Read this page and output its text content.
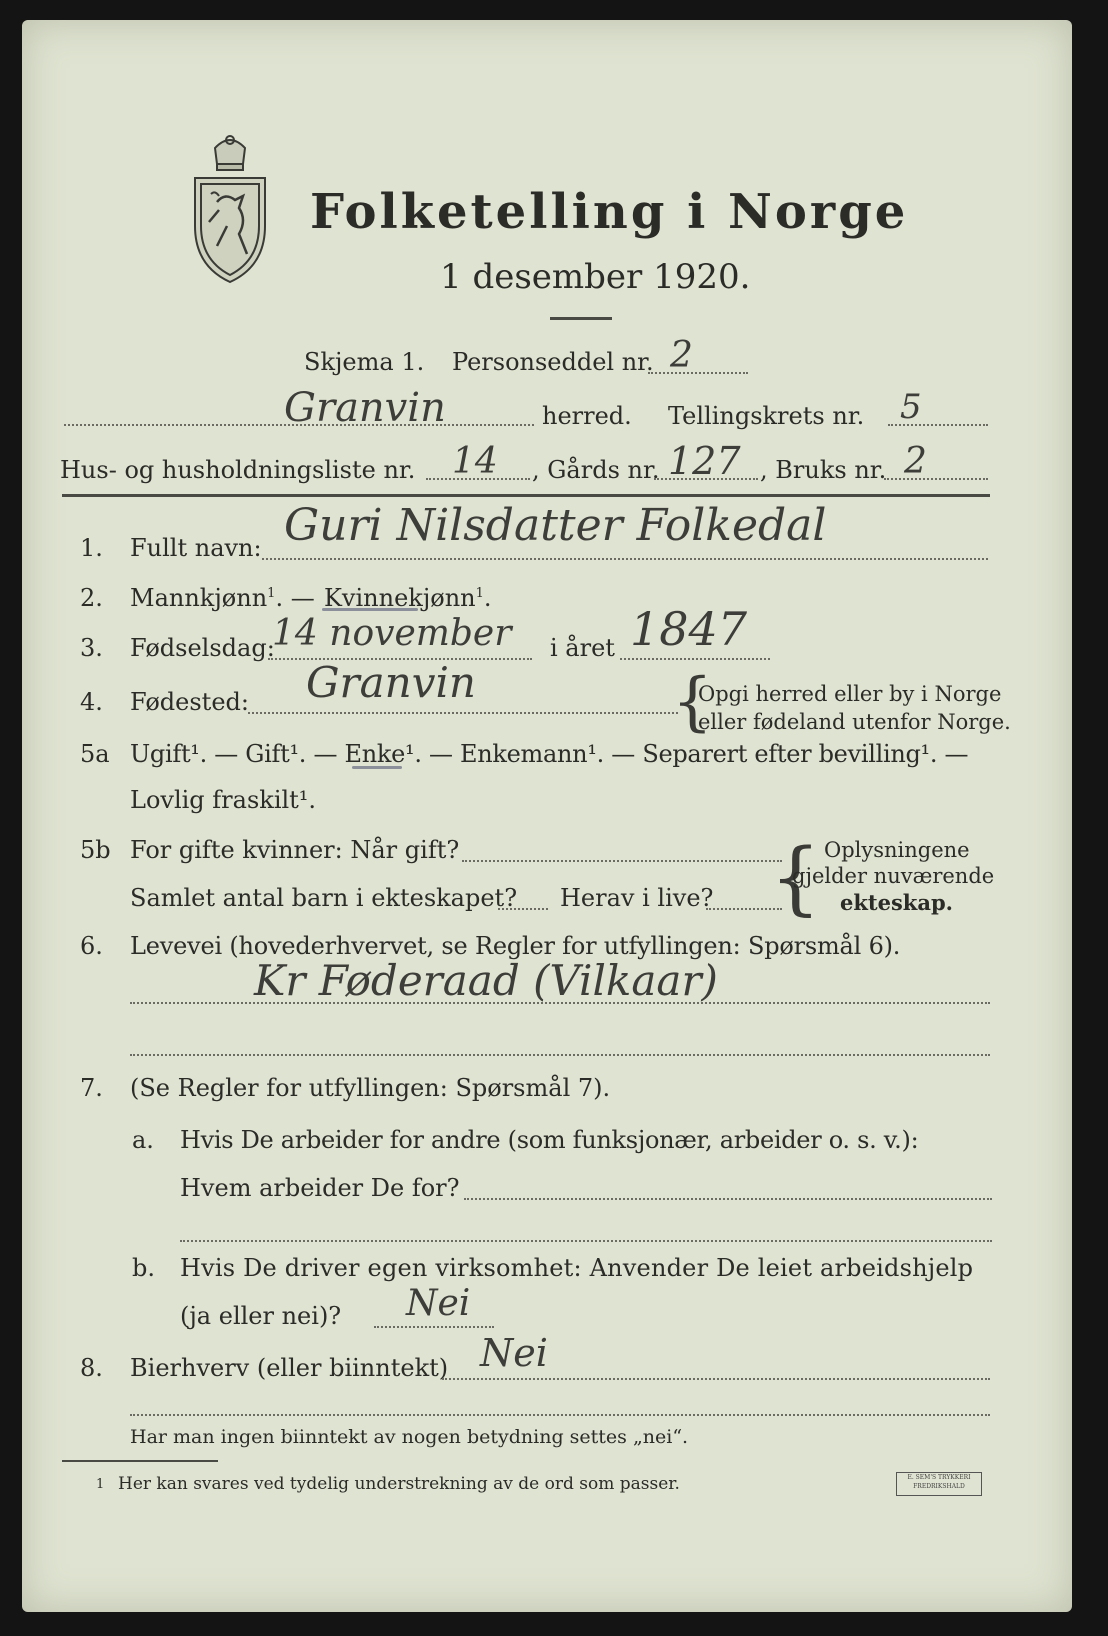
Folketelling i Norge
1 desember 1920.
Skjema 1. Personseddel nr. 2
Granvin	herred. Tellingskrets nr. 5
Hus- og husholdningsliste nr. 14 , Gårds nr. 127 , Bruks nr. 2
1. Fullt navn: Guri Nilsdatter Folkedal
2. Mannkjønn$^1$. — Kvinnekjønn$^1$.
3. Fødselsdag:
14 november i året 1847
4. Fødested: Granvin	{
Opgi herred eller by i Norge
eller fødeland utenfor Norge.
5a Ugift¹. — Gift¹. — Enke¹. — Enkemann¹. — Separert efter bevilling¹. —
Lovlig fraskilt¹.
5b For gifte kvinner: Når gift?
Samlet antal barn i ekteskapet? Herav i live? { Oplysningene
gjelder nuværende
ekteskap.
6. Levevei (hovederhvervet, se Regler for utfyllingen: Spørsmål 6).
Kr Føderaad (Vilkaar)
7. (Se Regler for utfyllingen: Spørsmål 7).
a. Hvis De arbeider for andre (som funksjonær, arbeider o. s. v.):
Hvem arbeider De for?
b. Hvis De driver egen virksomhet: Anvender De leiet arbeidshjelp
(ja eller nei)? Nei
8. Bierhverv (eller biinntekt) Nei
Har man ingen biinntekt av nogen betydning settes „nei“.
1 Her kan svares ved tydelig understrekning av de ord som passer.	E. SEM'S TRYKKERI FREDRIKSHALD
